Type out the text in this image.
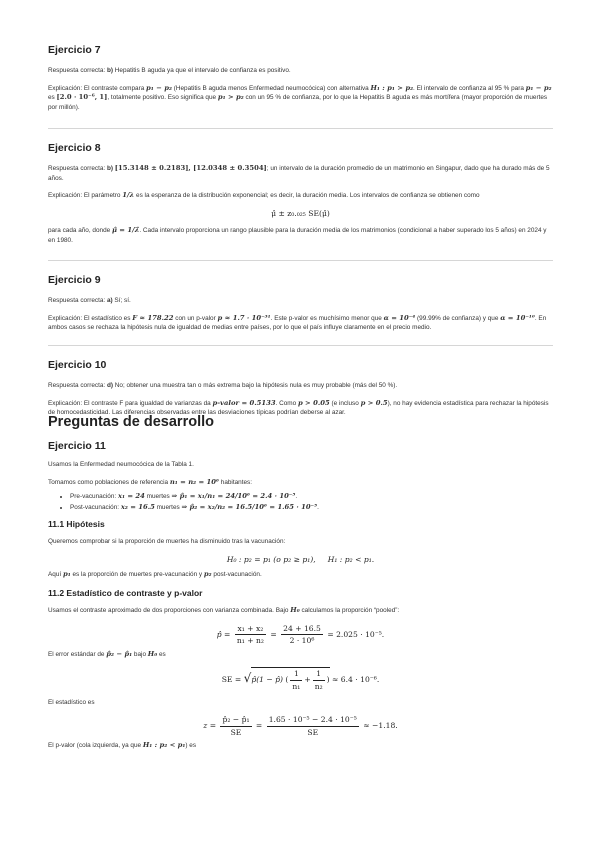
Ejercicio 7

Respuesta correcta: b) Hepatitis B aguda ya que el intervalo de confianza es positivo.

Explicación: El contraste compara p₁ − p₂ (Hepatitis B aguda menos Enfermedad neumocócica) con alternativa H₁ : p₁ > p₂. El intervalo de confianza al 95 % para p₁ − p₂ es [2.0 · 10⁻⁶, 1], totalmente positivo. Eso significa que p₁ > p₂ con un 95 % de confianza, por lo que la Hepatitis B aguda es más mortífera (mayor proporción de muertes por millón).

Ejercicio 8

Respuesta correcta: b) [15.3148 ± 0.2183], [12.0348 ± 0.3504]; un intervalo de la duración promedio de un matrimonio en Singapur, dado que ha durado más de 5 años.

Explicación: El parámetro 1/λ es la esperanza de la distribución exponencial; es decir, la duración media. Los intervalos de confianza se obtienen como

μ̂ ± z₀.₀₂₅ SE(μ̂)

para cada año, donde μ̂ = 1/λ̂. Cada intervalo proporciona un rango plausible para la duración media de los matrimonios (condicional a haber superado los 5 años) en 2024 y en 1980.

Ejercicio 9

Respuesta correcta: a) Sí; sí.

Explicación: El estadístico es F ≈ 178.22 con un p-valor p ≈ 1.7 · 10⁻³¹. Este p-valor es muchísimo menor que α = 10⁻⁴ (99.99% de confianza) y que α = 10⁻¹⁰. En ambos casos se rechaza la hipótesis nula de igualdad de medias entre países, por lo que el país influye claramente en el precio medio.

Ejercicio 10

Respuesta correcta: d) No; obtener una muestra tan o más extrema bajo la hipótesis nula es muy probable (más del 50 %).

Explicación: El contraste F para igualdad de varianzas da p-valor = 0.5133. Como p > 0.05 (e incluso p > 0.5), no hay evidencia estadística para rechazar la hipótesis de homocedasticidad. Las diferencias observadas entre las desviaciones típicas podrían deberse al azar.

Preguntas de desarrollo
Ejercicio 11

Usamos la Enfermedad neumocócica de la Tabla 1.

Tomamos como poblaciones de referencia n₁ = n₂ = 10⁶ habitantes:

• Pre-vacunación: x₁ = 24 muertes ⇒ p̂₁ = x₁/n₁ = 24/10⁶ = 2.4 · 10⁻⁵.
• Post-vacunación: x₂ = 16.5 muertes ⇒ p̂₂ = x₂/n₂ = 16.5/10⁶ = 1.65 · 10⁻⁵.
11.1 Hipótesis

Queremos comprobar si la proporción de muertes ha disminuido tras la vacunación:

H₀ : p₂ = p₁ (o p₂ ≥ p₁), H₁ : p₂ < p₁.

Aquí p₁ es la proporción de muertes pre-vacunación y p₂ post-vacunación.

11.2 Estadístico de contraste y p-valor

Usamos el contraste aproximado de dos proporciones con varianza combinada. Bajo H₀ calculamos la proporción “pooled”:

p̂ = $\frac{\text{x₁ + x₂}}{\text{n₁ + n₂}} = \frac{24 + 16.5}{\text{2 · 10⁶}} = 2.025 \cdot 10^{-5}$.

El error estándar de p̂₂ − p̂₁ bajo H₀ es

SE = √p̂(1 − p̂) ( $\frac{1}{\text{n₁}} + \frac{1}{\text{n₂}}$ ) ≈ 6.4 · 10⁻⁶.

El estadístico es

$z = \frac{\text{p̂₂ − p̂₁}}{SE} = \frac{\text{1.65 · 10⁻⁵ − 2.4 · 10⁻⁵}}{SE} \approx -1.18$.

El p-valor (cola izquierda, ya que H₁ : p₂ < p₁) es
